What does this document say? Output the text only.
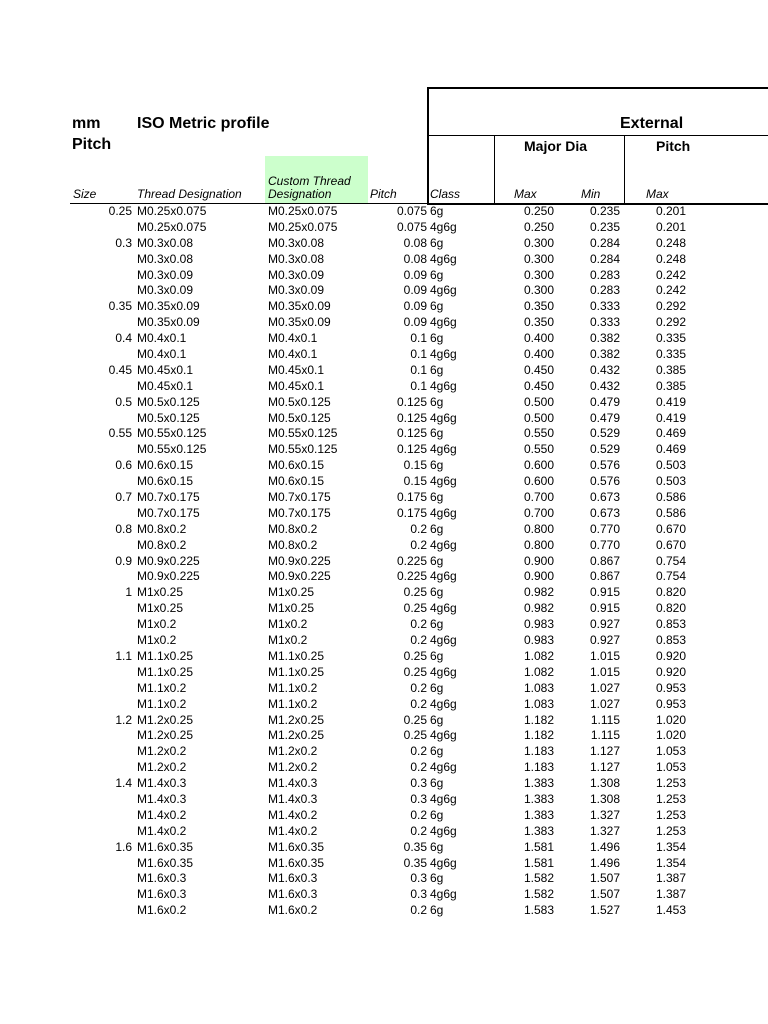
mm
Pitch
ISO Metric profile	External
Major Dia	Pitch
Size	Thread Designation
Custom Thread
Designation	Pitch	Class	Max	Min	Max
0.25 M0.25x0.075	M0.25x0.075	0.075 6g	0.250	0.235	0.201
M0.25x0.075	M0.25x0.075	0.075 4g6g	0.250	0.235	0.201
0.3 M0.3x0.08	M0.3x0.08	0.08 6g	0.300	0.284	0.248
M0.3x0.08	M0.3x0.08	0.08 4g6g	0.300	0.284	0.248
M0.3x0.09	M0.3x0.09	0.09 6g	0.300	0.283	0.242
M0.3x0.09	M0.3x0.09	0.09 4g6g	0.300	0.283	0.242
0.35 M0.35x0.09	M0.35x0.09	0.09 6g	0.350	0.333	0.292
M0.35x0.09	M0.35x0.09	0.09 4g6g	0.350	0.333	0.292
0.4 M0.4x0.1	M0.4x0.1	0.1 6g	0.400	0.382	0.335
M0.4x0.1	M0.4x0.1	0.1 4g6g	0.400	0.382	0.335
0.45 M0.45x0.1	M0.45x0.1	0.1 6g	0.450	0.432	0.385
M0.45x0.1	M0.45x0.1	0.1 4g6g	0.450	0.432	0.385
0.5 M0.5x0.125	M0.5x0.125	0.125 6g	0.500	0.479	0.419
M0.5x0.125	M0.5x0.125	0.125 4g6g	0.500	0.479	0.419
0.55 M0.55x0.125	M0.55x0.125	0.125 6g	0.550	0.529	0.469
M0.55x0.125	M0.55x0.125	0.125 4g6g	0.550	0.529	0.469
0.6 M0.6x0.15	M0.6x0.15	0.15 6g	0.600	0.576	0.503
M0.6x0.15	M0.6x0.15	0.15 4g6g	0.600	0.576	0.503
0.7 M0.7x0.175	M0.7x0.175	0.175 6g	0.700	0.673	0.586
M0.7x0.175	M0.7x0.175	0.175 4g6g	0.700	0.673	0.586
0.8 M0.8x0.2	M0.8x0.2	0.2 6g	0.800	0.770	0.670
M0.8x0.2	M0.8x0.2	0.2 4g6g	0.800	0.770	0.670
0.9 M0.9x0.225	M0.9x0.225	0.225 6g	0.900	0.867	0.754
M0.9x0.225	M0.9x0.225	0.225 4g6g	0.900	0.867	0.754
1 M1x0.25	M1x0.25	0.25 6g	0.982	0.915	0.820
M1x0.25	M1x0.25	0.25 4g6g	0.982	0.915	0.820
M1x0.2	M1x0.2	0.2 6g	0.983	0.927	0.853
M1x0.2	M1x0.2	0.2 4g6g	0.983	0.927	0.853
1.1 M1.1x0.25	M1.1x0.25	0.25 6g	1.082	1.015	0.920
M1.1x0.25	M1.1x0.25	0.25 4g6g	1.082	1.015	0.920
M1.1x0.2	M1.1x0.2	0.2 6g	1.083	1.027	0.953
M1.1x0.2	M1.1x0.2	0.2 4g6g	1.083	1.027	0.953
1.2 M1.2x0.25	M1.2x0.25	0.25 6g	1.182	1.115	1.020
M1.2x0.25	M1.2x0.25	0.25 4g6g	1.182	1.115	1.020
M1.2x0.2	M1.2x0.2	0.2 6g	1.183	1.127	1.053
M1.2x0.2	M1.2x0.2	0.2 4g6g	1.183	1.127	1.053
1.4 M1.4x0.3	M1.4x0.3	0.3 6g	1.383	1.308	1.253
M1.4x0.3	M1.4x0.3	0.3 4g6g	1.383	1.308	1.253
M1.4x0.2	M1.4x0.2	0.2 6g	1.383	1.327	1.253
M1.4x0.2	M1.4x0.2	0.2 4g6g	1.383	1.327	1.253
1.6 M1.6x0.35	M1.6x0.35	0.35 6g	1.581	1.496	1.354
M1.6x0.35	M1.6x0.35	0.35 4g6g	1.581	1.496	1.354
M1.6x0.3	M1.6x0.3	0.3 6g	1.582	1.507	1.387
M1.6x0.3	M1.6x0.3	0.3 4g6g	1.582	1.507	1.387
M1.6x0.2	M1.6x0.2	0.2 6g	1.583	1.527	1.453
